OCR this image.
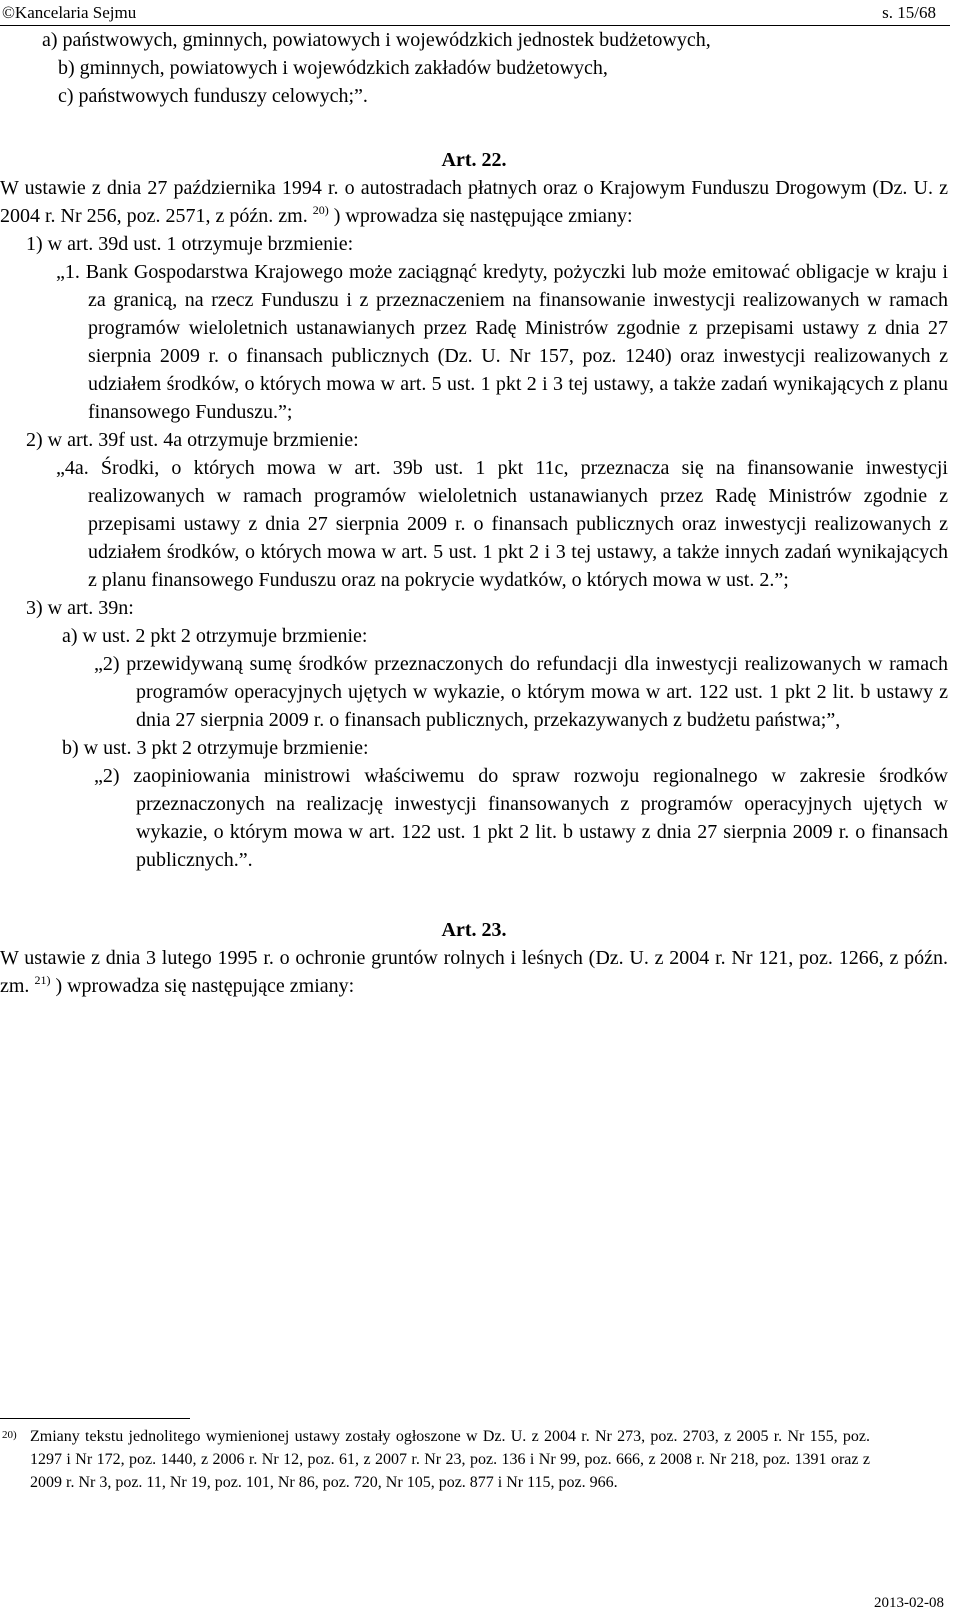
©Kancelaria Sejmu	s. 15/68

a) państwowych, gminnych, powiatowych i wojewódzkich jednostek budżetowych,

b) gminnych, powiatowych i wojewódzkich zakładów budżetowych,

c) państwowych funduszy celowych;”.

Art. 22.

W ustawie z dnia 27 października 1994 r. o autostradach płatnych oraz o Krajowym Funduszu Drogowym (Dz. U. z 2004 r. Nr 256, poz. 2571, z późn. zm. $^{20)}$ ) wprowadza się następujące zmiany:

1) w art. 39d ust. 1 otrzymuje brzmienie:

„1. Bank Gospodarstwa Krajowego może zaciągnąć kredyty, pożyczki lub może emitować obligacje w kraju i za granicą, na rzecz Funduszu i z przeznaczeniem na finansowanie inwestycji realizowanych w ramach programów wieloletnich ustanawianych przez Radę Ministrów zgodnie z przepisami ustawy z dnia 27 sierpnia 2009 r. o finansach publicznych (Dz. U. Nr 157, poz. 1240) oraz inwestycji realizowanych z udziałem środków, o których mowa w art. 5 ust. 1 pkt 2 i 3 tej ustawy, a także zadań wynikających z planu finansowego Funduszu.”;

2) w art. 39f ust. 4a otrzymuje brzmienie:

„4a. Środki, o których mowa w art. 39b ust. 1 pkt 11c, przeznacza się na finansowanie inwestycji realizowanych w ramach programów wieloletnich ustanawianych przez Radę Ministrów zgodnie z przepisami ustawy z dnia 27 sierpnia 2009 r. o finansach publicznych oraz inwestycji realizowanych z udziałem środków, o których mowa w art. 5 ust. 1 pkt 2 i 3 tej ustawy, a także innych zadań wynikających z planu finansowego Funduszu oraz na pokrycie wydatków, o których mowa w ust. 2.”;

3) w art. 39n:

a) w ust. 2 pkt 2 otrzymuje brzmienie:

„2) przewidywaną sumę środków przeznaczonych do refundacji dla inwestycji realizowanych w ramach programów operacyjnych ujętych w wykazie, o którym mowa w art. 122 ust. 1 pkt 2 lit. b ustawy z dnia 27 sierpnia 2009 r. o finansach publicznych, przekazywanych z budżetu państwa;”,

b) w ust. 3 pkt 2 otrzymuje brzmienie:

„2) zaopiniowania ministrowi właściwemu do spraw rozwoju regionalnego w zakresie środków przeznaczonych na realizację inwestycji finansowanych z programów operacyjnych ujętych w wykazie, o którym mowa w art. 122 ust. 1 pkt 2 lit. b ustawy z dnia 27 sierpnia 2009 r. o finansach publicznych.”.

Art. 23.

W ustawie z dnia 3 lutego 1995 r. o ochronie gruntów rolnych i leśnych (Dz. U. z 2004 r. Nr 121, poz. 1266, z późn. zm. $^{21)}$ ) wprowadza się następujące zmiany:

20) Zmiany tekstu jednolitego wymienionej ustawy zostały ogłoszone w Dz. U. z 2004 r. Nr 273, poz. 2703, z 2005 r. Nr 155, poz. 1297 i Nr 172, poz. 1440, z 2006 r. Nr 12, poz. 61, z 2007 r. Nr 23, poz. 136 i Nr 99, poz. 666, z 2008 r. Nr 218, poz. 1391 oraz z 2009 r. Nr 3, poz. 11, Nr 19, poz. 101, Nr 86, poz. 720, Nr 105, poz. 877 i Nr 115, poz. 966.

2013-02-08
